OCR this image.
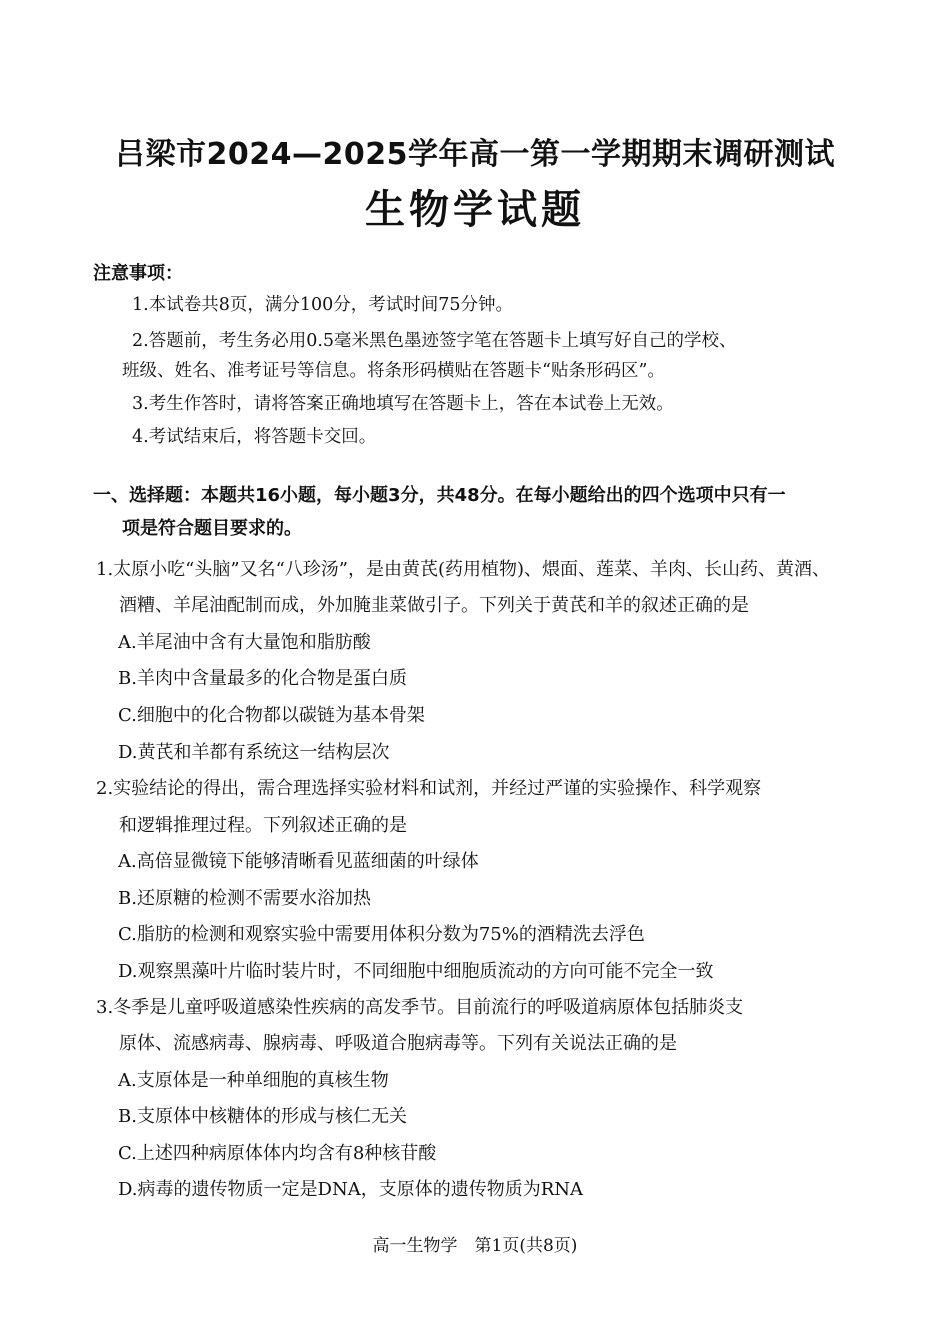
吕梁市2024—2025学年高一第一学期期末调研测试
生物学试题
注意事项：
1.本试卷共8页，满分100分，考试时间75分钟。
2.答题前，考生务必用0.5毫米黑色墨迹签字笔在答题卡上填写好自己的学校、
班级、姓名、准考证号等信息。将条形码横贴在答题卡“贴条形码区”。
3.考生作答时，请将答案正确地填写在答题卡上，答在本试卷上无效。
4.考试结束后，将答题卡交回。
一、选择题：本题共16小题，每小题3分，共48分。在每小题给出的四个选项中只有一
项是符合题目要求的。
1.太原小吃“头脑”又名“八珍汤”，是由黄芪(药用植物)、煨面、莲菜、羊肉、长山药、黄酒、
酒糟、羊尾油配制而成，外加腌韭菜做引子。下列关于黄芪和羊的叙述正确的是
A.羊尾油中含有大量饱和脂肪酸
B.羊肉中含量最多的化合物是蛋白质
C.细胞中的化合物都以碳链为基本骨架
D.黄芪和羊都有系统这一结构层次
2.实验结论的得出，需合理选择实验材料和试剂，并经过严谨的实验操作、科学观察
和逻辑推理过程。下列叙述正确的是
A.高倍显微镜下能够清晰看见蓝细菌的叶绿体
B.还原糖的检测不需要水浴加热
C.脂肪的检测和观察实验中需要用体积分数为75%的酒精洗去浮色
D.观察黑藻叶片临时装片时，不同细胞中细胞质流动的方向可能不完全一致
3.冬季是儿童呼吸道感染性疾病的高发季节。目前流行的呼吸道病原体包括肺炎支
原体、流感病毒、腺病毒、呼吸道合胞病毒等。下列有关说法正确的是
A.支原体是一种单细胞的真核生物
B.支原体中核糖体的形成与核仁无关
C.上述四种病原体体内均含有8种核苷酸
D.病毒的遗传物质一定是DNA，支原体的遗传物质为RNA
高一生物学　第1页(共8页)
